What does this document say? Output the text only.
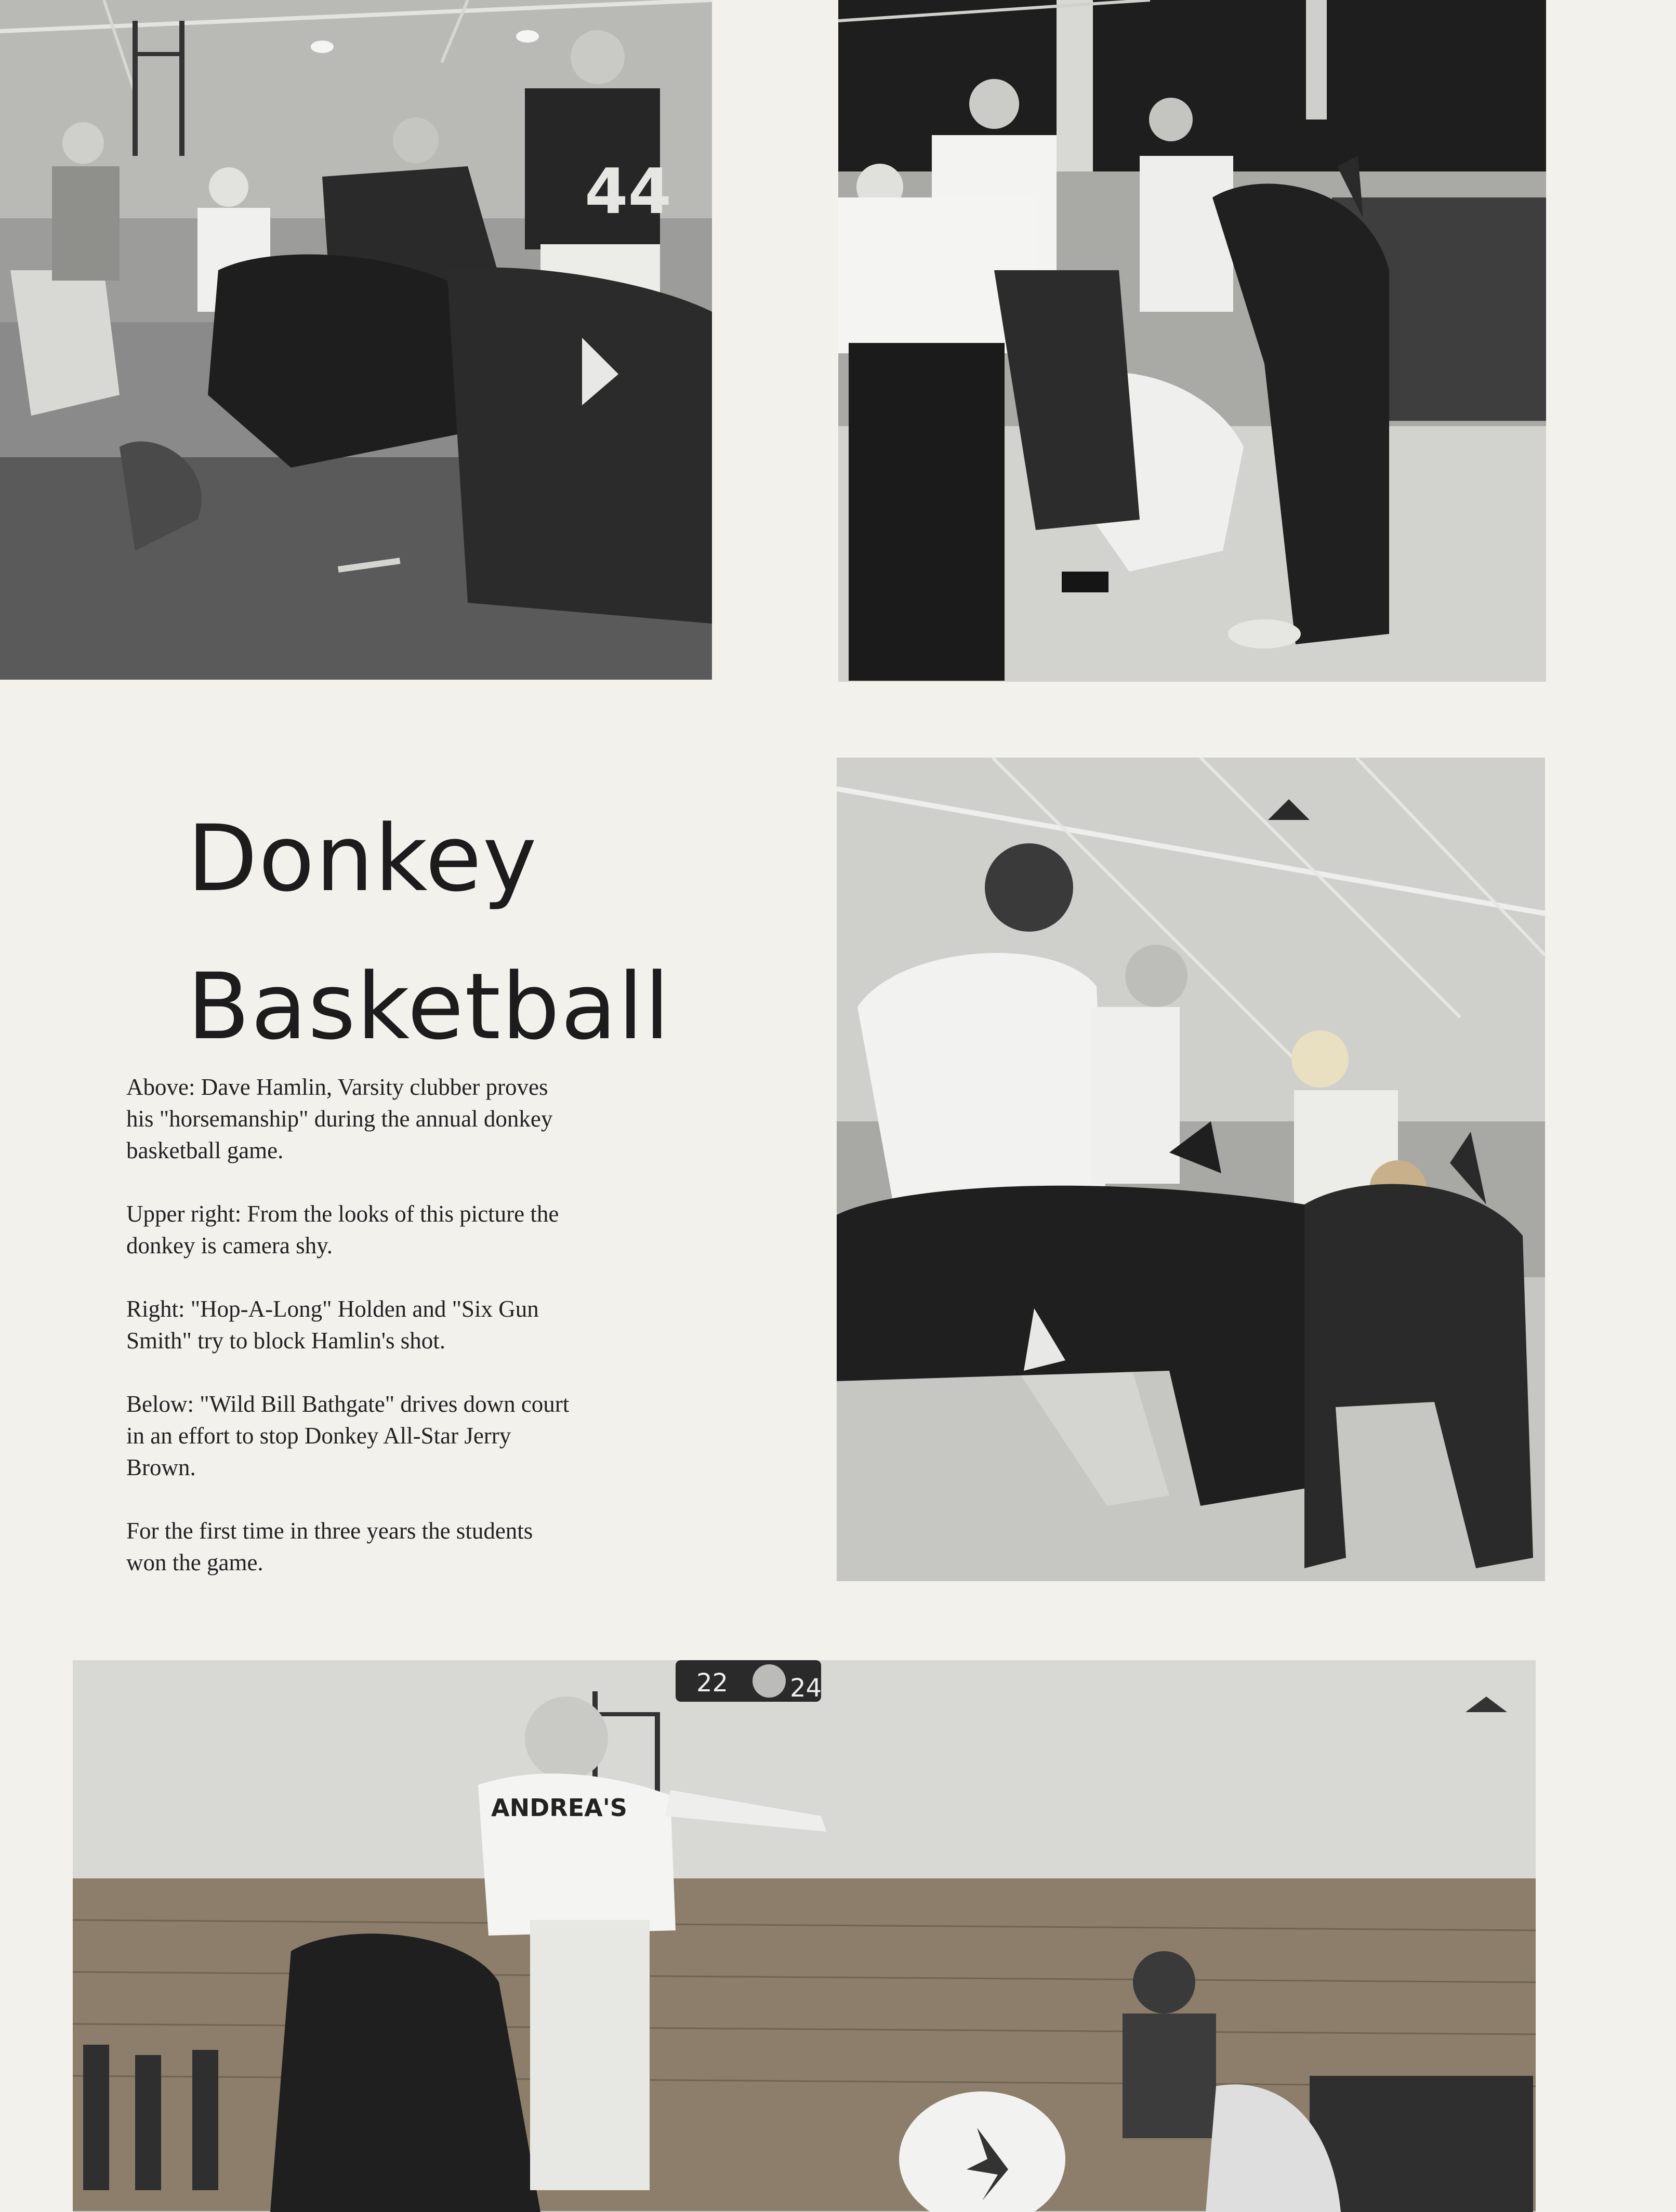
44
Donkey
Basketball

Above: Dave Hamlin, Varsity clubber proves
his "horsemanship" during the annual donkey
basketball game.

Upper right: From the looks of this picture the
donkey is camera shy.

Right: "Hop-A-Long" Holden and "Six Gun
Smith" try to block Hamlin's shot.

Below: "Wild Bill Bathgate" drives down court
in an effort to stop Donkey All-Star Jerry
Brown.

For the first time in three years the students
won the game.

22 24
ANDREA'S
